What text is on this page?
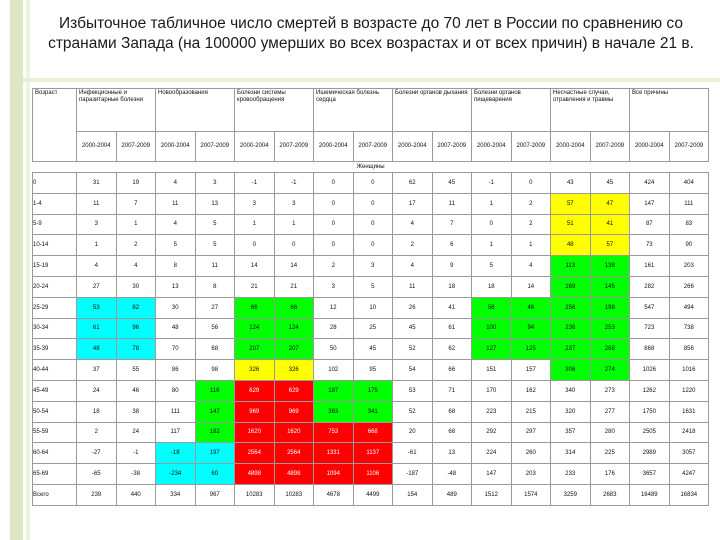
Избыточное табличное число смертей в возрасте до 70 лет в России по сравнению со странами Запада (на 100000 умерших во всех возрастах и от всех причин) в начале 21 в.
Возраст	Инфекционные и паразитарные болезни		Новообразования		Болезни системы кровообращения		Ишемическая болезнь сердца		Болезни органов дыхания		Болезни органов пищеварения		Несчастные случаи, отравления и травмы		Все причины	
	2000-2004	2007-2009	2000-2004	2007-2009	2000-2004	2007-2009	2000-2004	2007-2009	2000-2004	2007-2009	2000-2004	2007-2009	2000-2004	2007-2009	2000-2004	2007-2009
Женщины																
0	31	19	4	3	-1	-1	0	0	62	45	-1	0	43	45	424	404
1-4	11	7	11	13	3	3	0	0	17	11	1	2	57	47	147	111
5-9	3	1	4	5	1	1	0	0	4	7	0	2	51	41	87	83
10-14	1	2	5	5	0	0	0	0	2	6	1	1	48	57	73	90
15-19	4	4	8	11	14	14	2	3	4	9	5	4	113	138	161	203
20-24	27	30	13	8	21	21	3	5	11	18	18	14	169	145	282	266
25-29	53	82	30	27	66	66	12	10	26	41	56	48	256	198	547	494
30-34	61	96	48	56	124	124	28	25	45	61	100	94	236	253	723	738
35-39	48	78	70	68	207	207	50	45	52	62	127	125	237	268	868	856
40-44	37	55	86	98	326	326	102	95	54	66	151	157	306	274	1026	1016
45-49	24	46	80	116	629	629	187	175	53	71	170	162	340	273	1262	1220
50-54	18	38	111	147	969	969	363	341	52	68	223	215	320	277	1750	1631
55-59	2	24	117	182	1620	1620	753	668	20	68	292	297	357	280	2505	2418
60-64	-27	-1	-18	197	2564	2564	1331	1137	-61	13	224	260	314	225	2989	3057
65-69	-65	-38	-234	60	4898	4898	1094	1106	-187	-48	147	203	233	176	3657	4247
Всего	239	440	334	967	10283	10283	4678	4499	154	489	1512	1574	3259	2683	16489	16834
